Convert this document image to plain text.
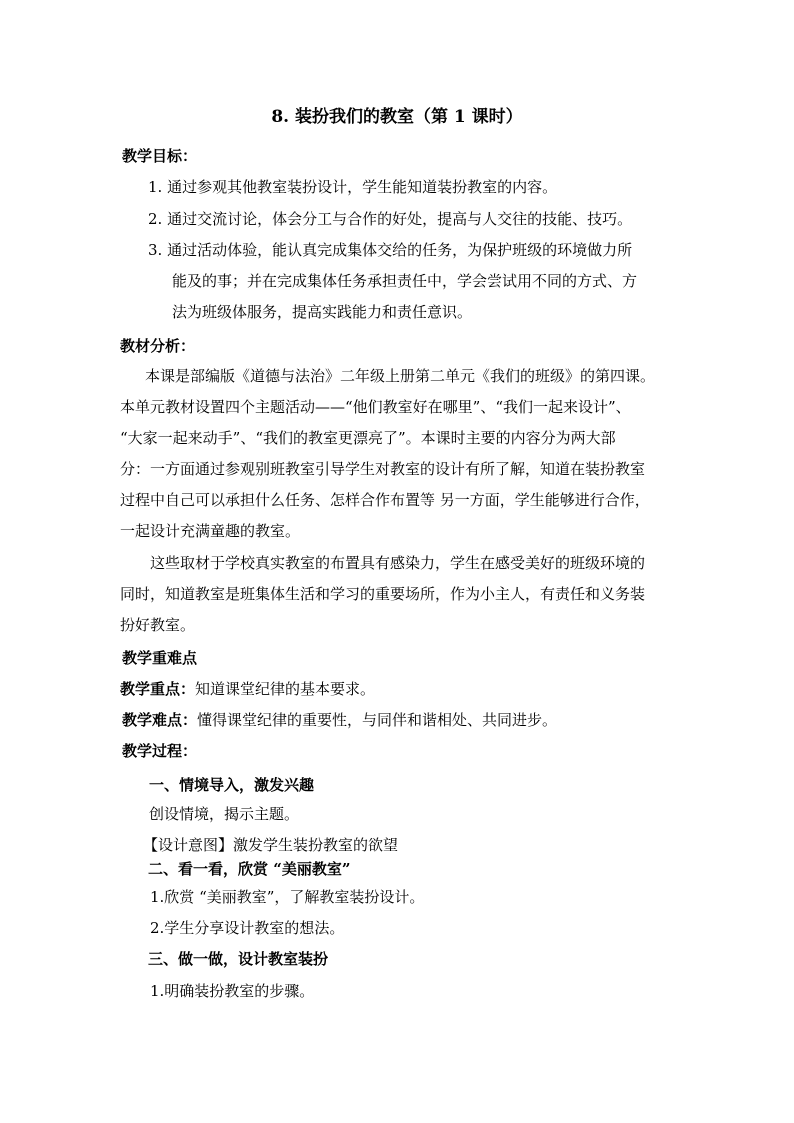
8. 装扮我们的教室（第 1 课时）
教学目标：
1. 通过参观其他教室装扮设计，学生能知道装扮教室的内容。
2. 通过交流讨论，体会分工与合作的好处，提高与人交往的技能、技巧。
3. 通过活动体验，能认真完成集体交给的任务，为保护班级的环境做力所
能及的事；并在完成集体任务承担责任中，学会尝试用不同的方式、方
法为班级体服务，提高实践能力和责任意识。
教材分析：
本课是部编版《道德与法治》二年级上册第二单元《我们的班级》的第四课。
本单元教材设置四个主题活动——“他们教室好在哪里”、“我们一起来设计”、
“大家一起来动手”、“我们的教室更漂亮了”。本课时主要的内容分为两大部
分：一方面通过参观别班教室引导学生对教室的设计有所了解，知道在装扮教室
过程中自己可以承担什么任务、怎样合作布置等 另一方面，学生能够进行合作，
一起设计充满童趣的教室。
这些取材于学校真实教室的布置具有感染力，学生在感受美好的班级环境的
同时，知道教室是班集体生活和学习的重要场所，作为小主人，有责任和义务装
扮好教室。
教学重难点
教学重点：知道课堂纪律的基本要求。
教学难点：懂得课堂纪律的重要性，与同伴和谐相处、共同进步。
教学过程：
一、情境导入，激发兴趣
创设情境，揭示主题。
【设计意图】激发学生装扮教室的欲望
二、看一看，欣赏 “美丽教室”
1.欣赏 “美丽教室”，了解教室装扮设计。
2.学生分享设计教室的想法。
三、做一做，设计教室装扮
1.明确装扮教室的步骤。
